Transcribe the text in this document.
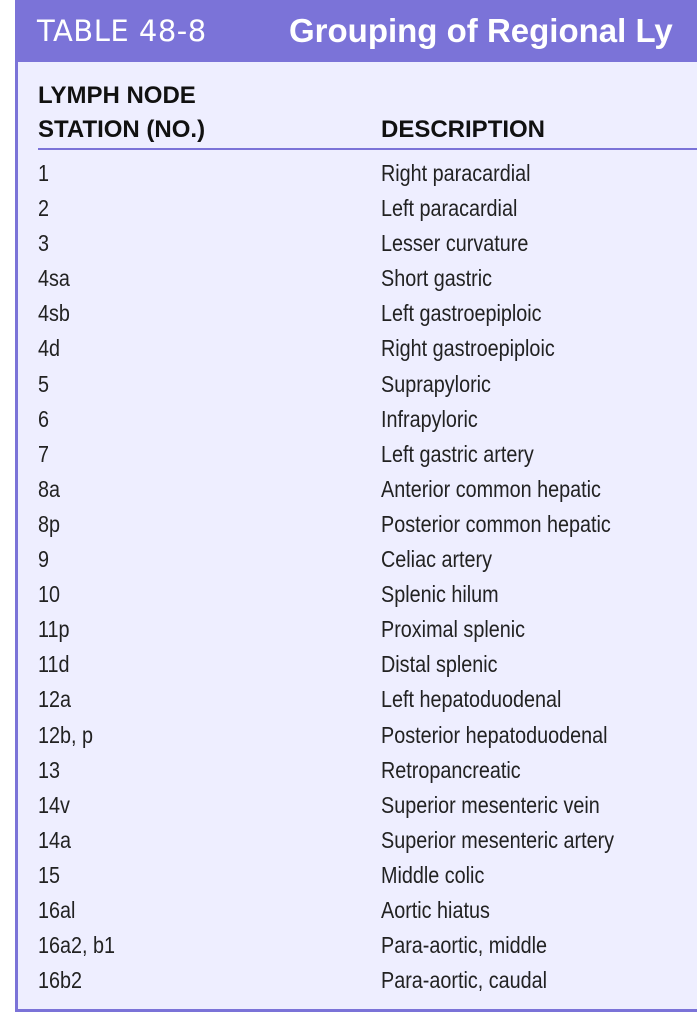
TABLE 48-8 Grouping of Regional Ly
LYMPH NODE
STATION (NO.)	DESCRIPTION
1	Right paracardial
2	Left paracardial
3	Lesser curvature
4sa	Short gastric
4sb	Left gastroepiploic
4d	Right gastroepiploic
5	Suprapyloric
6	Infrapyloric
7	Left gastric artery
8a	Anterior common hepatic
8p	Posterior common hepatic
9	Celiac artery
10	Splenic hilum
11p	Proximal splenic
11d	Distal splenic
12a	Left hepatoduodenal
12b, p	Posterior hepatoduodenal
13	Retropancreatic
14v	Superior mesenteric vein
14a	Superior mesenteric artery
15	Middle colic
16al	Aortic hiatus
16a2, b1	Para-aortic, middle
16b2	Para-aortic, caudal
